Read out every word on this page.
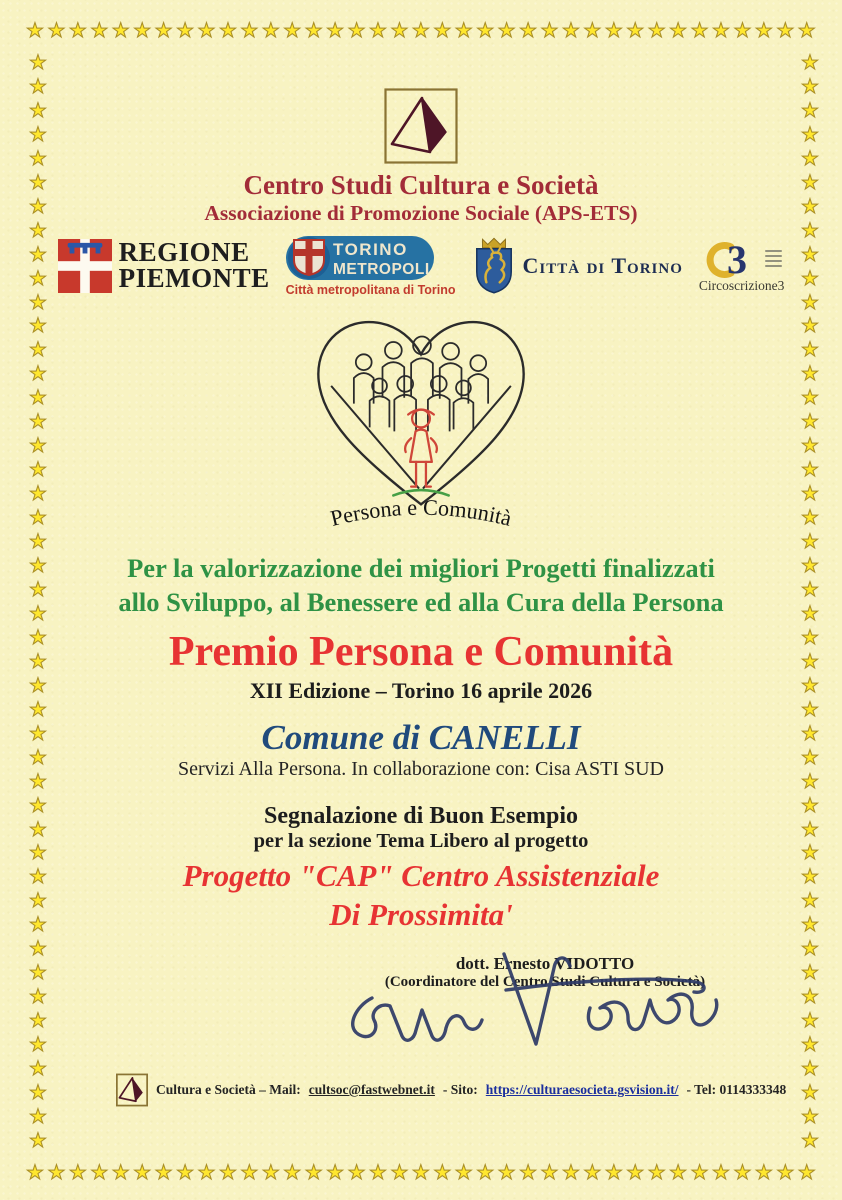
★ ★ ★ ★ ★ ★ ★ ★ ★ ★ ★ ★ ★ ★ ★ ★ ★ ★ ★ ★ ★ ★ ★ ★ ★ ★ ★ ★ ★ ★ ★ ★ ★ ★ ★ ★ ★
★ ★ ★ ★ ★ ★ ★ ★ ★ ★ ★ ★ ★ ★ ★ ★ ★ ★ ★ ★ ★ ★ ★ ★ ★ ★ ★ ★ ★ ★ ★ ★ ★ ★ ★ ★ ★
★
★
★
★
★
★
★
★
★
★
★
★
★
★
★
★
★
★
★
★
★
★
★
★
★
★
★
★
★
★
★
★
★
★
★
★
★
★
★
★
★
★
★
★
★
★
★
★
★
★
★
★
★
★
★
★
★
★
★
★
★
★
★
★
★
★
★
★
★
★
★
★
★
★
★
★
★
★
★
★
★
★
★
★
★
★
★
★
★
★
★
★
Centro Studi Cultura e Società
Associazione di Promozione Sociale (APS-ETS)
REGIONE
PIEMONTE
TORINO
METROPOLI
Città metropolitana di Torino
Città di Torino 3
Circoscrizione3
Persona e Comunità
Per la valorizzazione dei migliori Progetti finalizzati
allo Sviluppo, al Benessere ed alla Cura della Persona
Premio Persona e Comunità
XII Edizione – Torino 16 aprile 2026
Comune di CANELLI
Servizi Alla Persona. In collaborazione con: Cisa ASTI SUD
Segnalazione di Buon Esempio
per la sezione Tema Libero al progetto
Progetto "CAP" Centro Assistenziale
Di Prossimita'
dott. Ernesto VIDOTTO
(Coordinatore del Centro Studi Cultura e Società)
Cultura e Società – Mail: cultsoc@fastwebnet.it - Sito: https://culturaesocieta.gsvision.it/ - Tel: 0114333348
